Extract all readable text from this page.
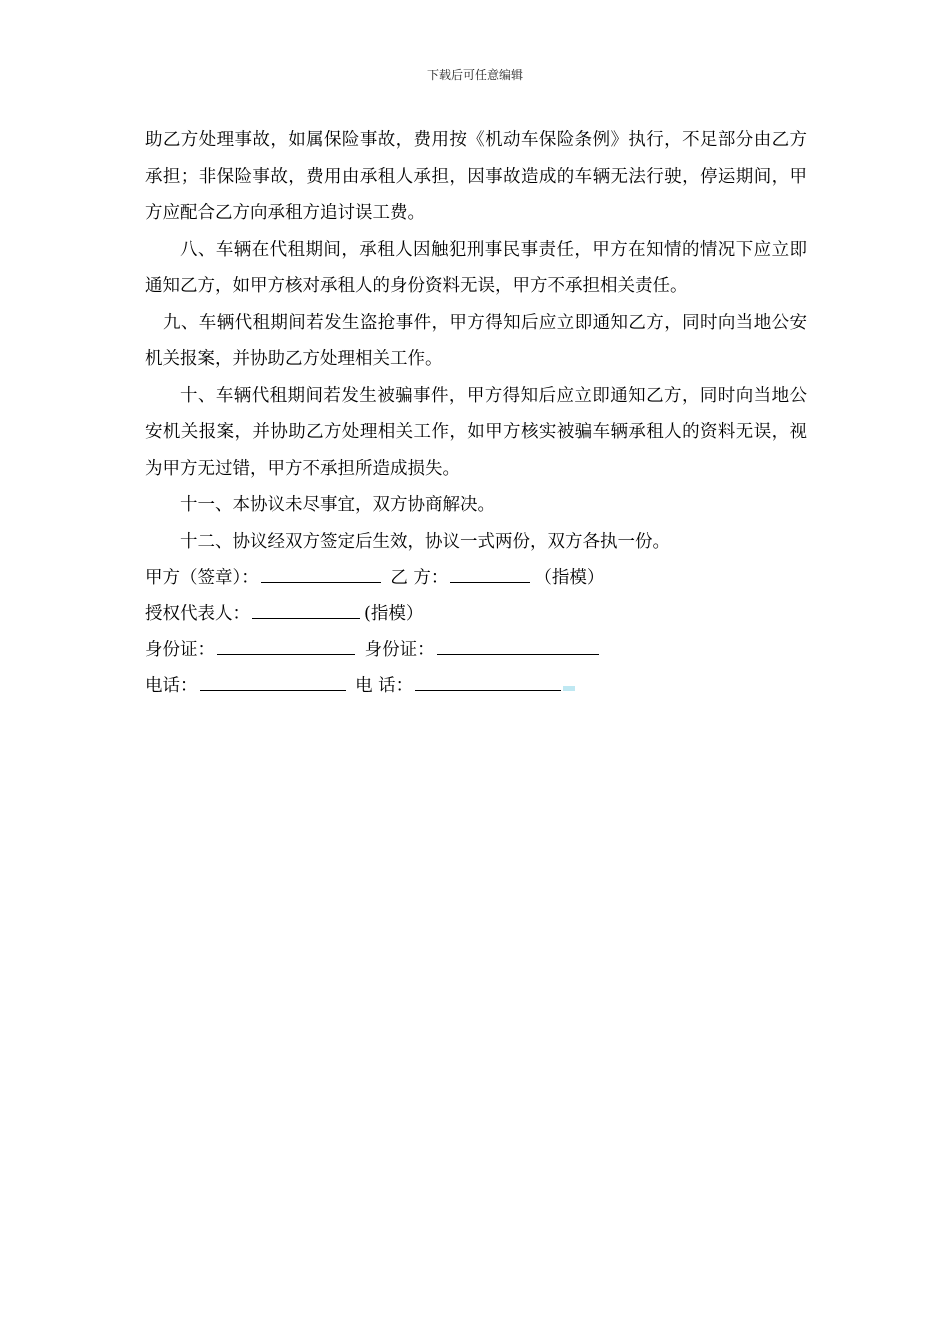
下载后可任意编辑

助乙方处理事故，如属保险事故，费用按《机动车保险条例》执行，不足部分由乙方承担；非保险事故，费用由承租人承担，因事故造成的车辆无法行驶，停运期间，甲方应配合乙方向承租方追讨误工费。

八、车辆在代租期间，承租人因触犯刑事民事责任，甲方在知情的情况下应立即通知乙方，如甲方核对承租人的身份资料无误，甲方不承担相关责任。

九、车辆代租期间若发生盗抢事件，甲方得知后应立即通知乙方，同时向当地公安机关报案，并协助乙方处理相关工作。

十、车辆代租期间若发生被骗事件，甲方得知后应立即通知乙方，同时向当地公安机关报案，并协助乙方处理相关工作，如甲方核实被骗车辆承租人的资料无误，视为甲方无过错，甲方不承担所造成损失。

十一、本协议未尽事宜，双方协商解决。

十二、协议经双方签定后生效，协议一式两份，双方各执一份。

甲方（签章）：	乙 方：	（指模）
授权代表人：	(指模）
身份证：	身份证：
电话：	电 话：
